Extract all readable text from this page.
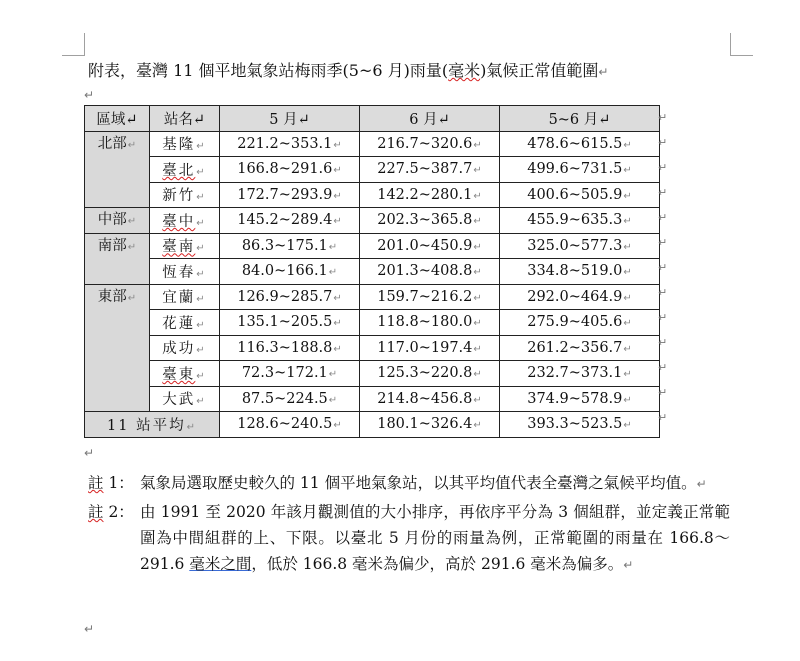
附表，臺灣 11 個平地氣象站梅雨季(5~6 月)雨量(毫米)氣候正常值範圍↵
↵
區域↵	站名↵	5 月↵	6 月↵	5~6 月↵
北部↵	基隆↵	221.2~353.1↵	216.7~320.6↵	478.6~615.5↵
	臺北↵	166.8~291.6↵	227.5~387.7↵	499.6~731.5↵
	新竹↵	172.7~293.9↵	142.2~280.1↵	400.6~505.9↵
中部↵	臺中↵	145.2~289.4↵	202.3~365.8↵	455.9~635.3↵
南部↵	臺南↵	86.3~175.1↵	201.0~450.9↵	325.0~577.3↵
	恆春↵	84.0~166.1↵	201.3~408.8↵	334.8~519.0↵
東部↵	宜蘭↵	126.9~285.7↵	159.7~216.2↵	292.0~464.9↵
	花蓮↵	135.1~205.5↵	118.8~180.0↵	275.9~405.6↵
	成功↵	116.3~188.8↵	117.0~197.4↵	261.2~356.7↵
	臺東↵	72.3~172.1↵	125.3~220.8↵	232.7~373.1↵
	大武↵	87.5~224.5↵	214.8~456.8↵	374.9~578.9↵
11 站平均↵		128.6~240.5↵	180.1~326.4↵	393.3~523.5↵
↵
↵
↵
↵
↵
↵
↵
↵
↵
↵
↵
↵
↵
↵
註 1： 氣象局選取歷史較久的 11 個平地氣象站，以其平均值代表全臺灣之氣候平均值。↵
註 2： 由 1991 至 2020 年該月觀測值的大小排序，再依序平分為 3 個組群，並定義正常範圍為中間組群的上、下限。以臺北 5 月份的雨量為例，正常範圍的雨量在 166.8～291.6 毫米之間，低於 166.8 毫米為偏少，高於 291.6 毫米為偏多。↵
↵
